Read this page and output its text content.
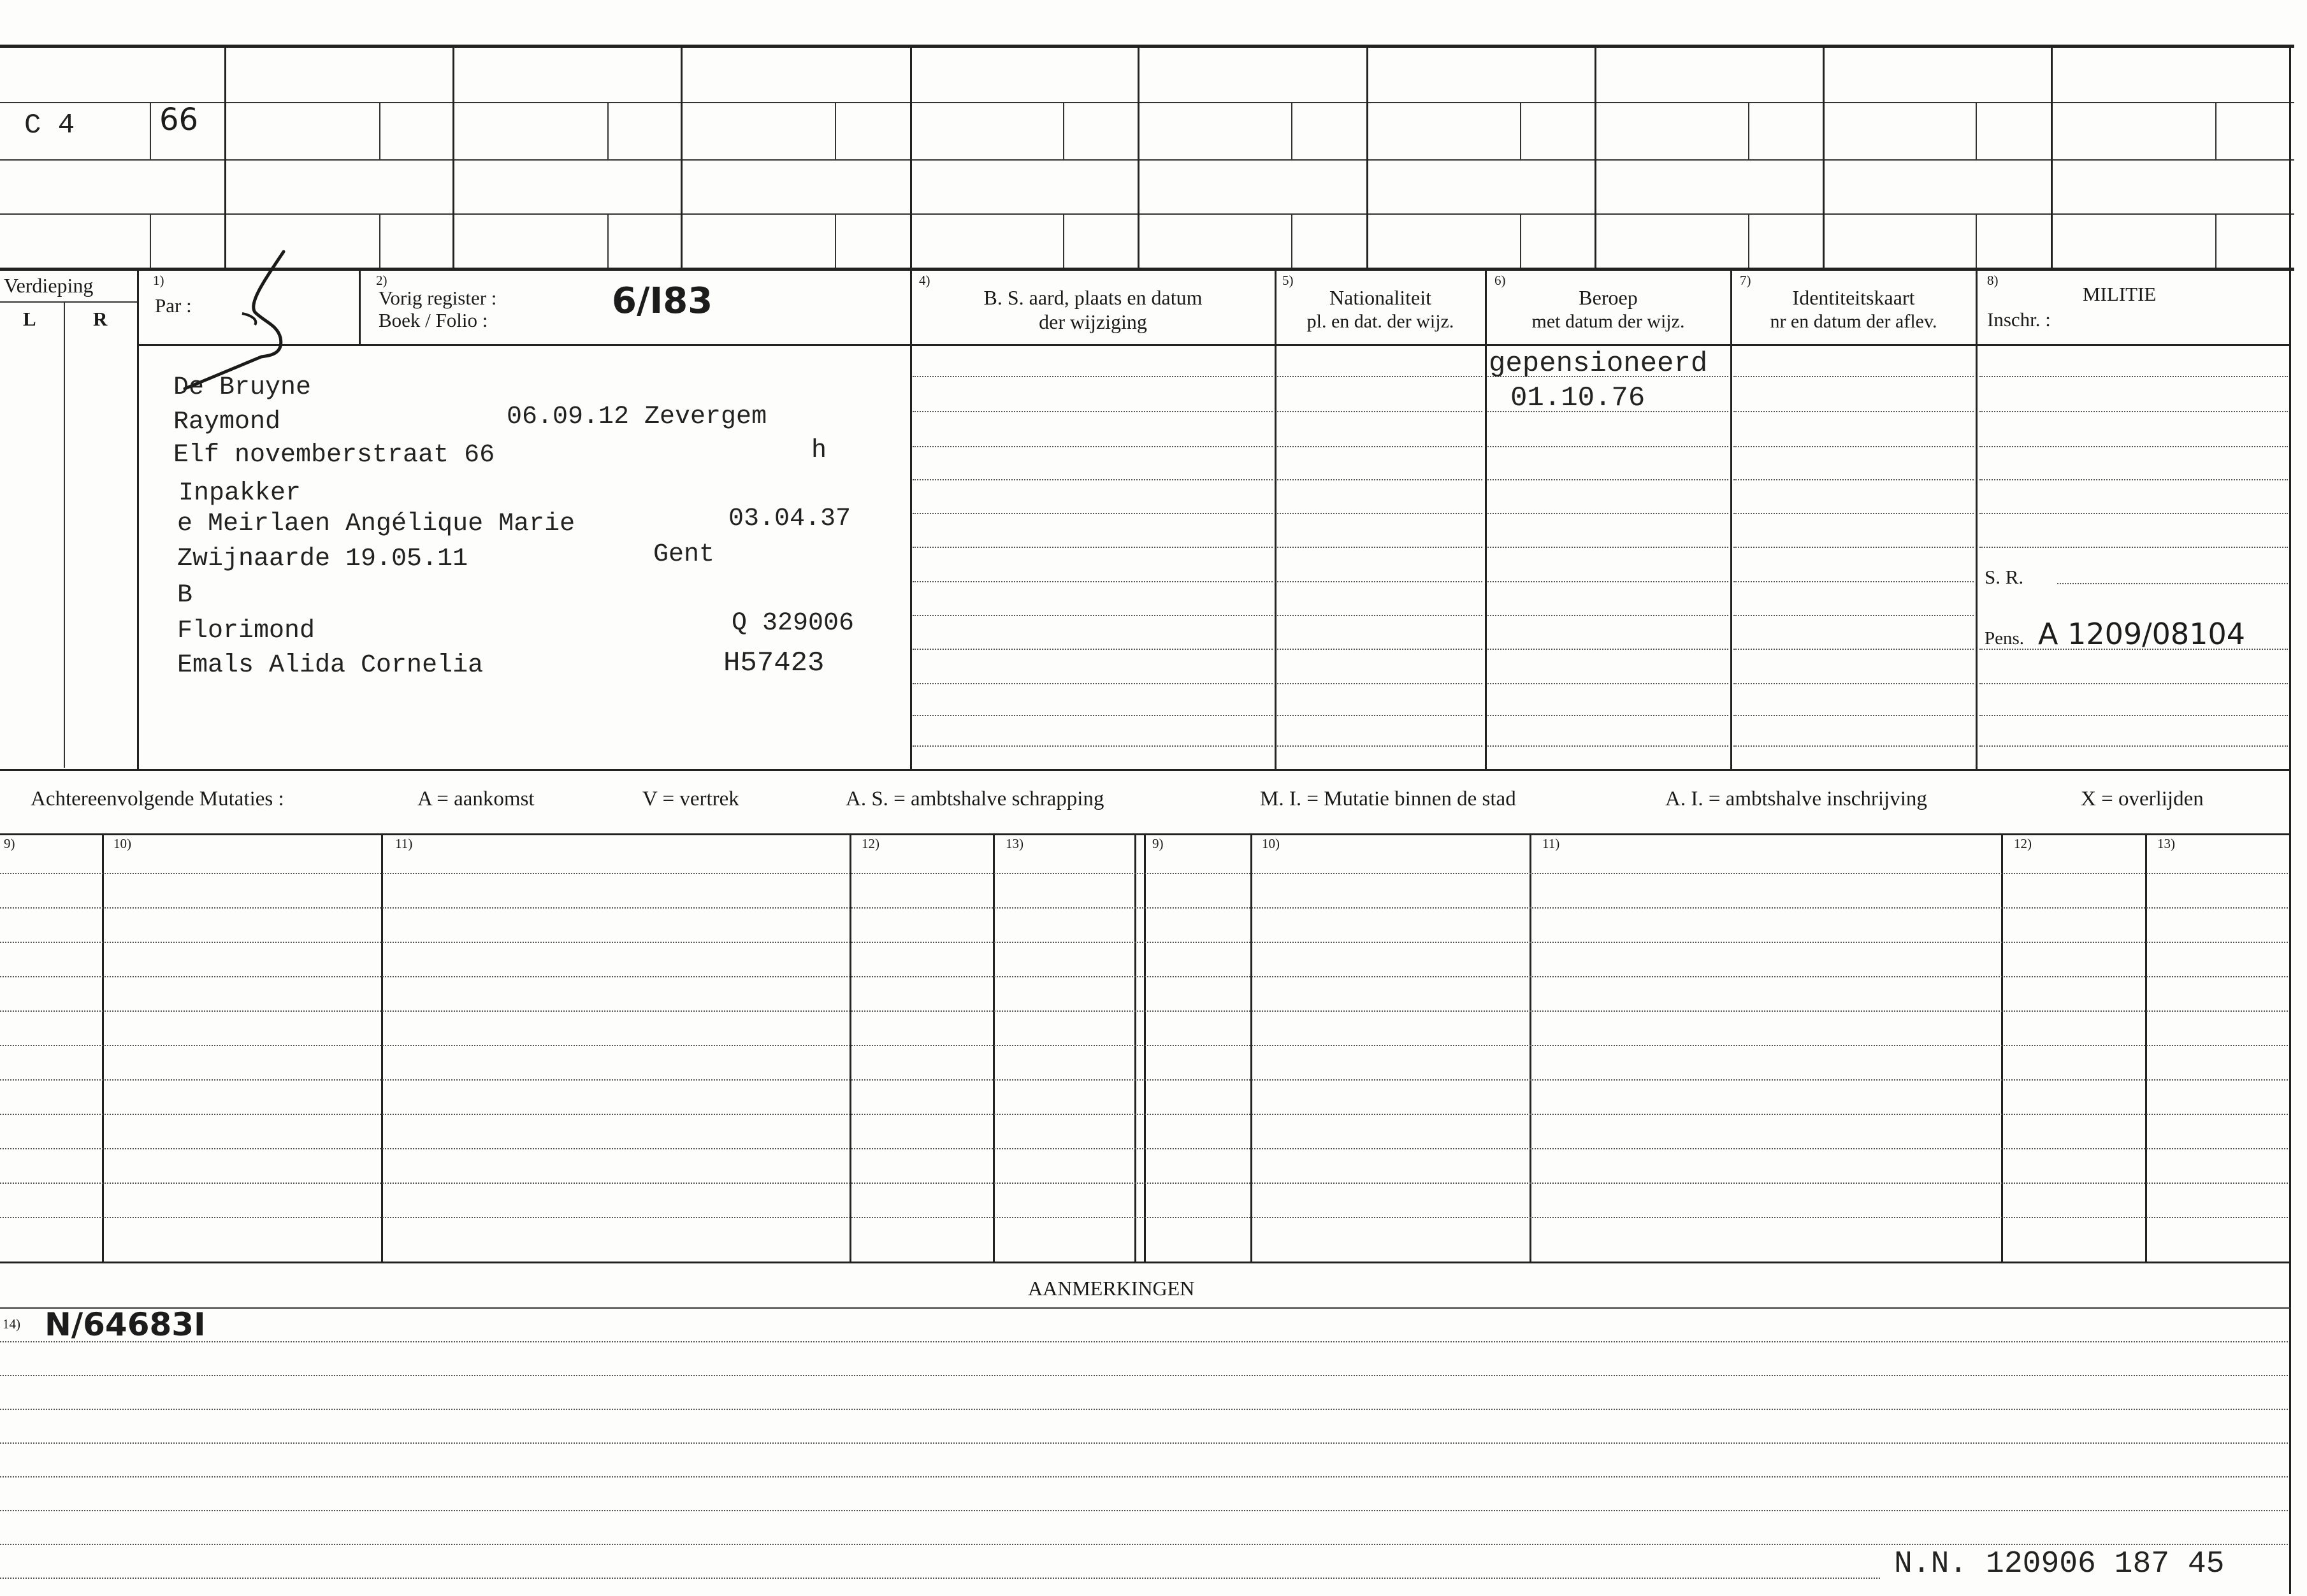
C 4	66
Verdieping
L	R
1)
Par :
2)
Vorig register :
Boek / Folio :	6/I83	4)
B. S. aard, plaats en datum
der wijziging
5)
Nationaliteit
pl. en dat. der wijz.
6)
Beroep
met datum der wijz.
7)
Identiteitskaart
nr en datum der aflev.
8)
MILITIE
Inschr. :
De Bruyne
Raymond	06.09.12 Zevergem
Elf novemberstraat 66	h
Inpakker
e Meirlaen Angélique Marie	03.04.37
Zwijnaarde 19.05.11	Gent
B
Florimond	Q 329006
Emals Alida Cornelia	H57423
gepensioneerd
01.10.76
S. R.
Pens. A 1209/08104
Achtereenvolgende Mutaties :	A = aankomst	V = vertrek	A. S. = ambtshalve schrapping	M. I. = Mutatie binnen de stad	A. I. = ambtshalve inschrijving	X = overlijden
9)	10)	11)	12)	13)	9)	10)	11)	12)	13)
AANMERKINGEN
14) N/64683I
N.N. 120906 187 45
